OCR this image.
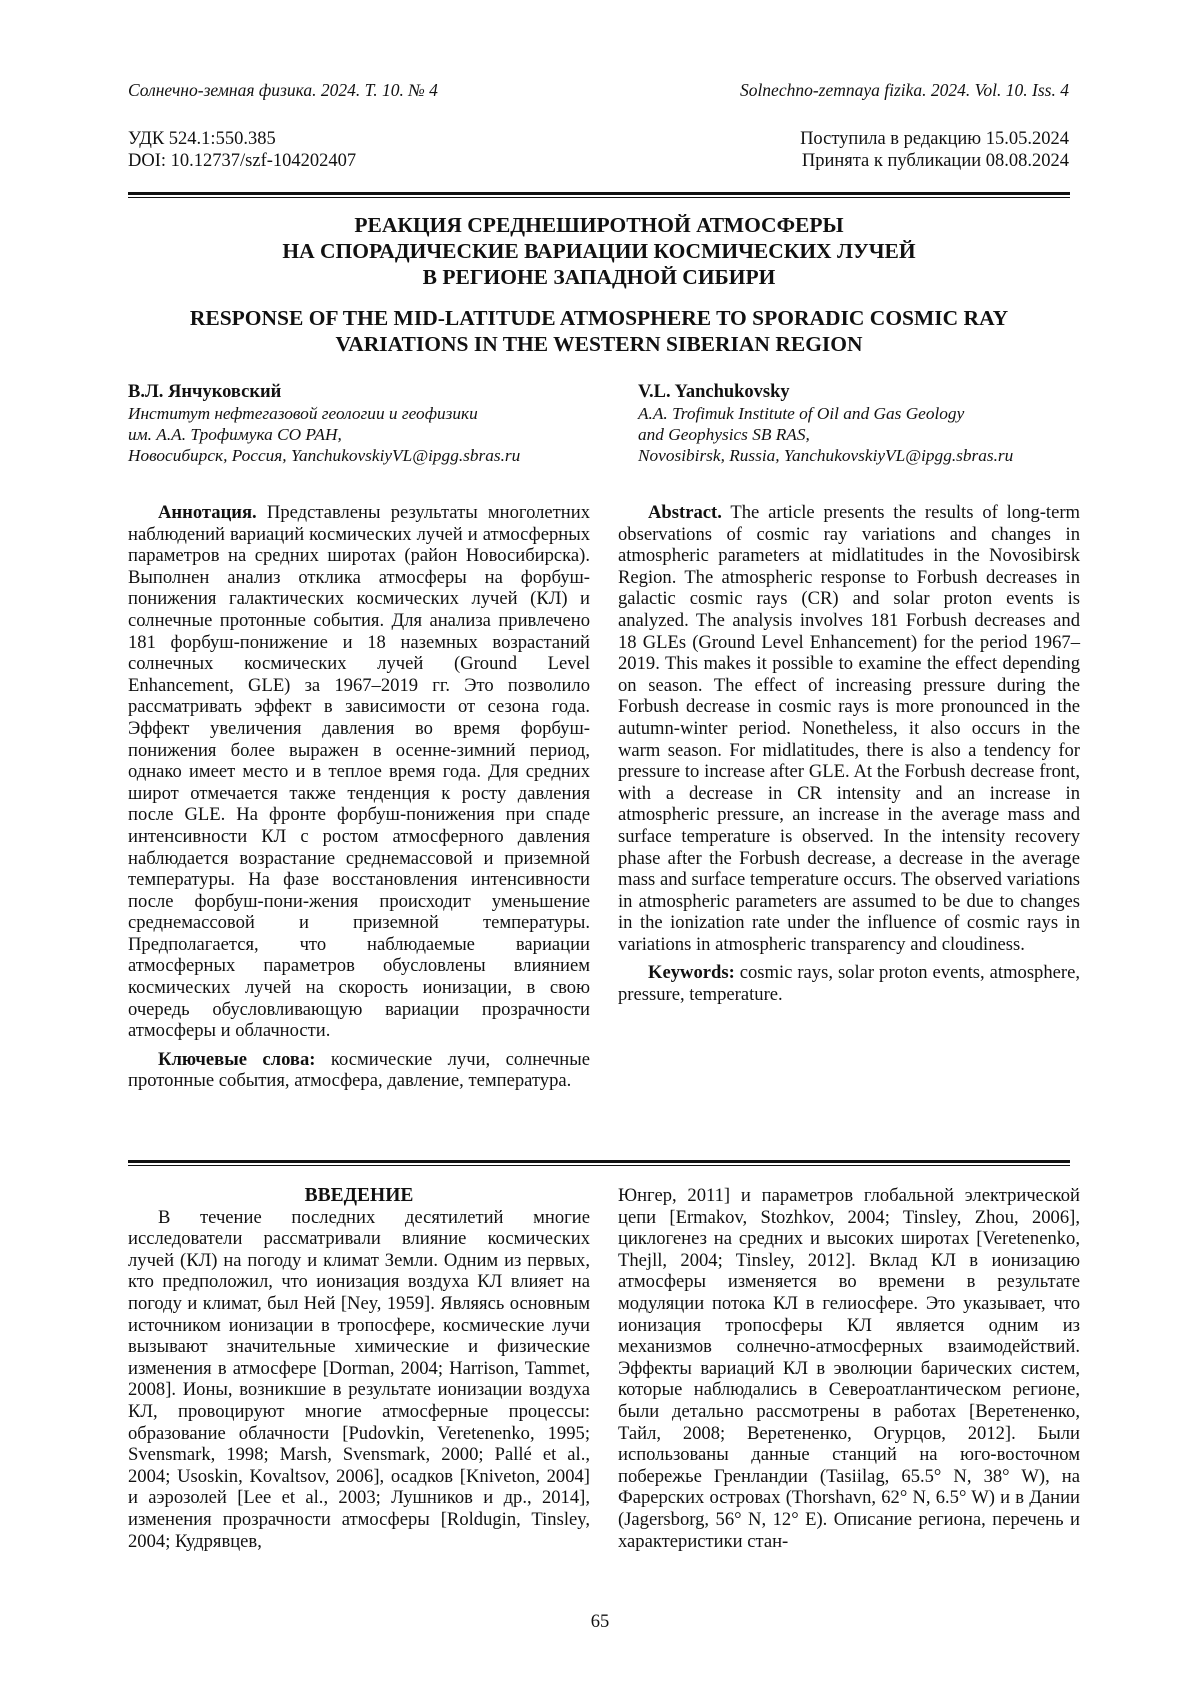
Солнечно-земная физика. 2024. Т. 10. № 4	Solnechno-zemnaya fizika. 2024. Vol. 10. Iss. 4
УДК 524.1:550.385
DOI: 10.12737/szf-104202407
Поступила в редакцию 15.05.2024
Принята к публикации 08.08.2024
РЕАКЦИЯ СРЕДНЕШИРОТНОЙ АТМОСФЕРЫ
НА СПОРАДИЧЕСКИЕ ВАРИАЦИИ КОСМИЧЕСКИХ ЛУЧЕЙ
В РЕГИОНЕ ЗАПАДНОЙ СИБИРИ
RESPONSE OF THE MID-LATITUDE ATMOSPHERE TO SPORADIC COSMIC RAY
VARIATIONS IN THE WESTERN SIBERIAN REGION
В.Л. Янчуковский
Институт нефтегазовой геологии и геофизики
им. А.А. Трофимука СО РАН,
Новосибирск, Россия, YanchukovskiyVL@ipgg.sbras.ru
V.L. Yanchukovsky
A.A. Trofimuk Institute of Oil and Gas Geology
and Geophysics SB RAS,
Novosibirsk, Russia, YanchukovskiyVL@ipgg.sbras.ru

Аннотация. Представлены результаты многолетних наблюдений вариаций космических лучей и атмосферных параметров на средних широтах (район Новосибирска). Выполнен анализ отклика атмосферы на форбуш-понижения галактических космических лучей (КЛ) и солнечные протонные события. Для анализа привлечено 181 форбуш-понижение и 18 наземных возрастаний солнечных космических лучей (Ground Level Enhancement, GLE) за 1967–2019 гг. Это позволило рассматривать эффект в зависимости от сезона года. Эффект увеличения давления во время форбуш-понижения более выражен в осенне-зимний период, однако имеет место и в теплое время года. Для средних широт отмечается также тенденция к росту давления после GLE. На фронте форбуш-понижения при спаде интенсивности КЛ с ростом атмосферного давления наблюдается возрастание среднемассовой и приземной температуры. На фазе восстановления интенсивности после форбуш-пони-жения происходит уменьшение среднемассовой и приземной температуры. Предполагается, что наблюдаемые вариации атмосферных параметров обусловлены влиянием космических лучей на скорость ионизации, в свою очередь обусловливающую вариации прозрачности атмосферы и облачности.

Ключевые слова: космические лучи, солнечные протонные события, атмосфера, давление, температура.

Abstract. The article presents the results of long-term observations of cosmic ray variations and changes in atmospheric parameters at midlatitudes in the Novosibirsk Region. The atmospheric response to Forbush decreases in galactic cosmic rays (CR) and solar proton events is analyzed. The analysis involves 181 Forbush decreases and 18 GLEs (Ground Level Enhancement) for the period 1967–2019. This makes it possible to examine the effect depending on season. The effect of increasing pressure during the Forbush decrease in cosmic rays is more pronounced in the autumn-winter period. Nonetheless, it also occurs in the warm season. For midlatitudes, there is also a tendency for pressure to increase after GLE. At the Forbush decrease front, with a decrease in CR intensity and an increase in atmospheric pressure, an increase in the average mass and surface temperature is observed. In the intensity recovery phase after the Forbush decrease, a decrease in the average mass and surface temperature occurs. The observed variations in atmospheric parameters are assumed to be due to changes in the ionization rate under the influence of cosmic rays in variations in atmospheric transparency and cloudiness.

Keywords: cosmic rays, solar proton events, atmosphere, pressure, temperature.

ВВЕДЕНИЕ

В течение последних десятилетий многие исследователи рассматривали влияние космических лучей (КЛ) на погоду и климат Земли. Одним из первых, кто предположил, что ионизация воздуха КЛ влияет на погоду и климат, был Ней [Ney, 1959]. Являясь основным источником ионизации в тропосфере, космические лучи вызывают значительные химические и физические изменения в атмосфере [Dorman, 2004; Harrison, Tammet, 2008]. Ионы, возникшие в результате ионизации воздуха КЛ, провоцируют многие атмосферные процессы: образование облачности [Pudovkin, Veretenenko, 1995; Svensmark, 1998; Marsh, Svensmark, 2000; Pallé et al., 2004; Usoskin, Kovaltsov, 2006], осадков [Kniveton, 2004] и аэрозолей [Lee et al., 2003; Лушников и др., 2014], изменения прозрачности атмосферы [Roldugin, Tinsley, 2004; Кудрявцев,

Юнгер, 2011] и параметров глобальной электрической цепи [Ermakov, Stozhkov, 2004; Tinsley, Zhou, 2006], циклогенез на средних и высоких широтах [Veretenenko, Thejll, 2004; Tinsley, 2012]. Вклад КЛ в ионизацию атмосферы изменяется во времени в результате модуляции потока КЛ в гелиосфере. Это указывает, что ионизация тропосферы КЛ является одним из механизмов солнечно-атмосферных взаимодействий. Эффекты вариаций КЛ в эволюции барических систем, которые наблюдались в Североатлантическом регионе, были детально рассмотрены в работах [Веретененко, Тайл, 2008; Веретененко, Огурцов, 2012]. Были использованы данные станций на юго-восточном побережье Гренландии (Tasiilag, 65.5° N, 38° W), на Фарерских островах (Thorshavn, 62° N, 6.5° W) и в Дании (Jagersborg, 56° N, 12° E). Описание региона, перечень и характеристики стан-

65
